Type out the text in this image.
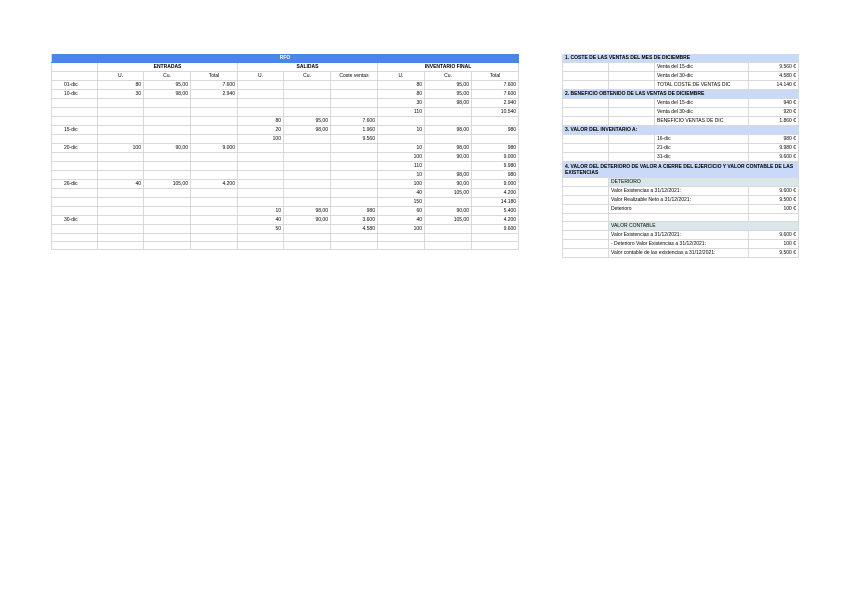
RFO									
	ENTRADAS			SALIDAS			INVENTARIO FINAL		
	U.	Cu.	Total	U.	Cu.	Coste ventas	U.	Cu.	Total
01-dic	80	95,00	7.600				80	95,00	7.600
10-dic	30	98,00	2.940				80	95,00	7.600
							30	98,00	2.940
							110		10.540
				80	95,00	7.600			
15-dic				20	98,00	1.960	10	98,00	980
				100		9.560			
20-dic	100	90,00	9.000				10	98,00	980
							100	90,00	9.000
							110		9.980
							10	98,00	980
26-dic	40	105,00	4.200				100	90,00	9.000
							40	105,00	4.200
							150		14.180
				10	98,00	980	60	90,00	5.400
30-dic				40	90,00	3.600	40	105,00	4.200
				50		4.580	100		9.600

1. COSTE DE LAS VENTAS DEL MES DE DICIEMBRE			
		Venta del 15-dic	9.560 €
		Venta del 30-dic	4.580 €
		TOTAL COSTE DE VENTAS DIC	14.140 €
2. BENEFICIO OBTENIDO DE LAS VENTAS DE DICIEMBRE			
		Venta del 15-dic	940 €
		Venta del 30-dic	920 €
		BENEFICIO VENTAS DE DIC	1.860 €
3. VALOR DEL INVENTARIO A:			
		16-dic	980 €
		21-dic	9.980 €
		31-dic	9.600 €
4. VALOR DEL DETERIORO DE VALOR A CIERRE DEL EJERCICIO Y VALOR CONTABLE DE LAS EXISTENCIAS			
	DETERIORO		
	Valor Existencias a 31/12/2021:		9.600 €
	Valor Realizable Neto a 31/12/2021:		9.500 €
	Deterioro		100 €

	VALOR CONTABLE		
	Valor Existencias a 31/12/2021:		9.600 €
	- Deterioro Valor Existencias a 31/12/2021:		100 €
	Valor contable de las existencias a 31/12/2021:		9.500 €
